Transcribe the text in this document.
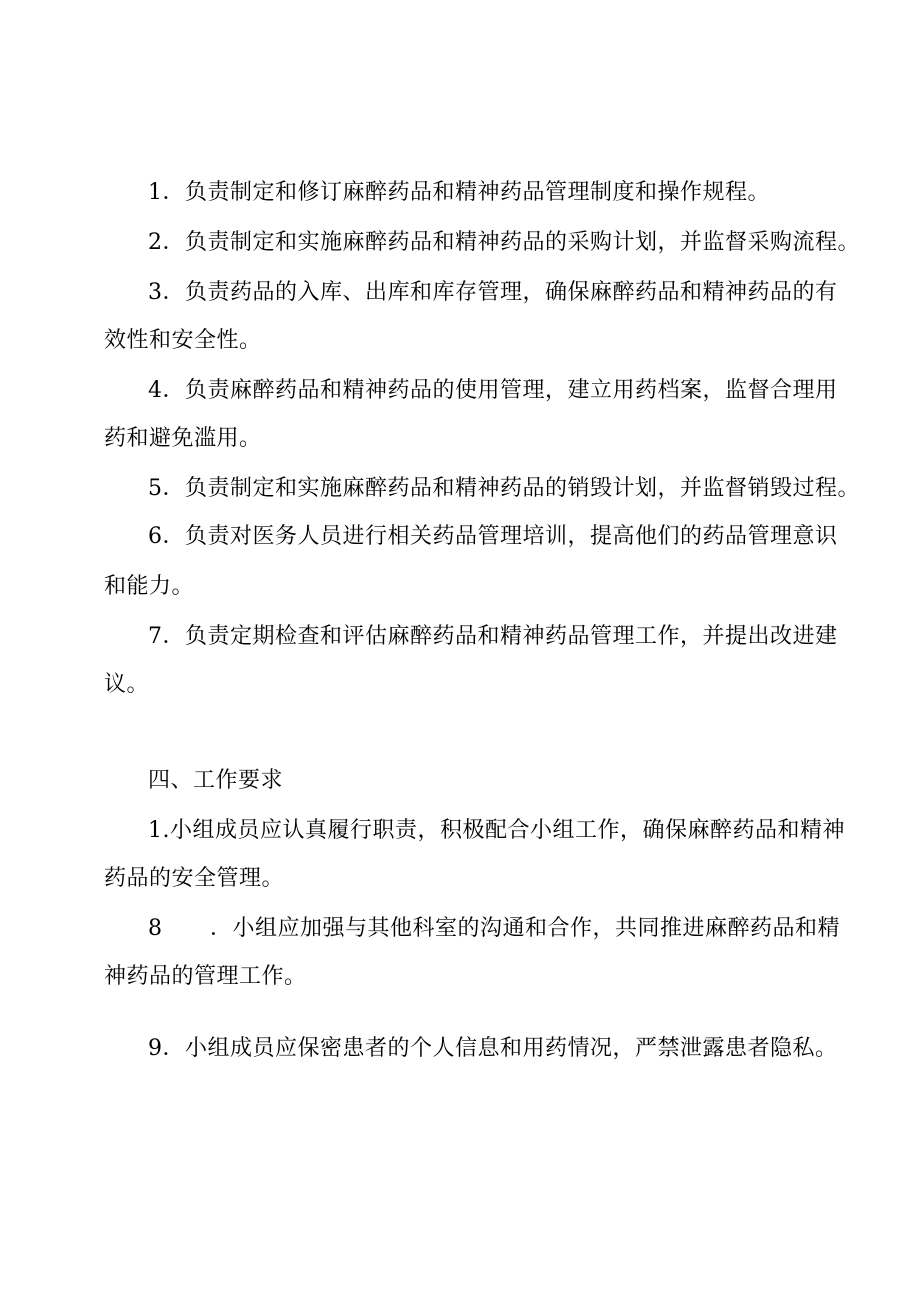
1．负责制定和修订麻醉药品和精神药品管理制度和操作规程。
2．负责制定和实施麻醉药品和精神药品的采购计划，并监督采购流程。
3．负责药品的入库、出库和库存管理，确保麻醉药品和精神药品的有
效性和安全性。
4．负责麻醉药品和精神药品的使用管理，建立用药档案，监督合理用
药和避免滥用。
5．负责制定和实施麻醉药品和精神药品的销毁计划，并监督销毁过程。
6．负责对医务人员进行相关药品管理培训，提高他们的药品管理意识
和能力。
7．负责定期检查和评估麻醉药品和精神药品管理工作，并提出改进建
议。
四、工作要求
1.小组成员应认真履行职责，积极配合小组工作，确保麻醉药品和精神
药品的安全管理。
8 ．小组应加强与其他科室的沟通和合作，共同推进麻醉药品和精
神药品的管理工作。
9．小组成员应保密患者的个人信息和用药情况，严禁泄露患者隐私。
